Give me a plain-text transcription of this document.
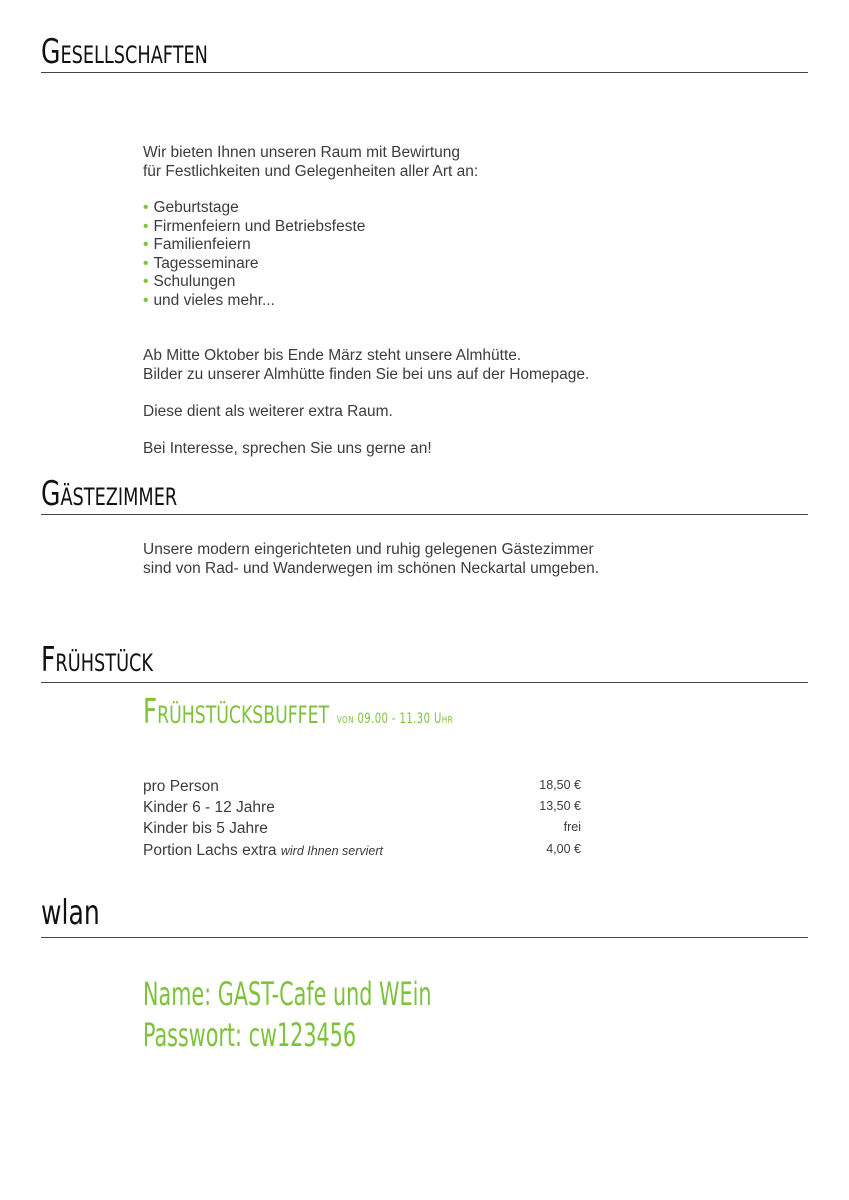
Gesellschaften

Wir bieten Ihnen unseren Raum mit Bewirtung
für Festlichkeiten und Gelegenheiten aller Art an:

• Geburtstage
• Firmenfeiern und Betriebsfeste
• Familienfeiern
• Tagesseminare
• Schulungen
• und vieles mehr...

Ab Mitte Oktober bis Ende März steht unsere Almhütte.
Bilder zu unserer Almhütte finden Sie bei uns auf der Homepage.

Diese dient als weiterer extra Raum.

Bei Interesse, sprechen Sie uns gerne an!

Gästezimmer

Unsere modern eingerichteten und ruhig gelegenen Gästezimmer
sind von Rad- und Wanderwegen im schönen Neckartal umgeben.

Frühstück
Frühstücksbuffet von 09.00 - 11.30 Uhr
pro Person	18,50 €
Kinder 6 - 12 Jahre	13,50 €
Kinder bis 5 Jahre	frei
Portion Lachs extra wird Ihnen serviert	4,00 €
wlan

Name: GAST-Cafe und WEin

Passwort: cw123456
